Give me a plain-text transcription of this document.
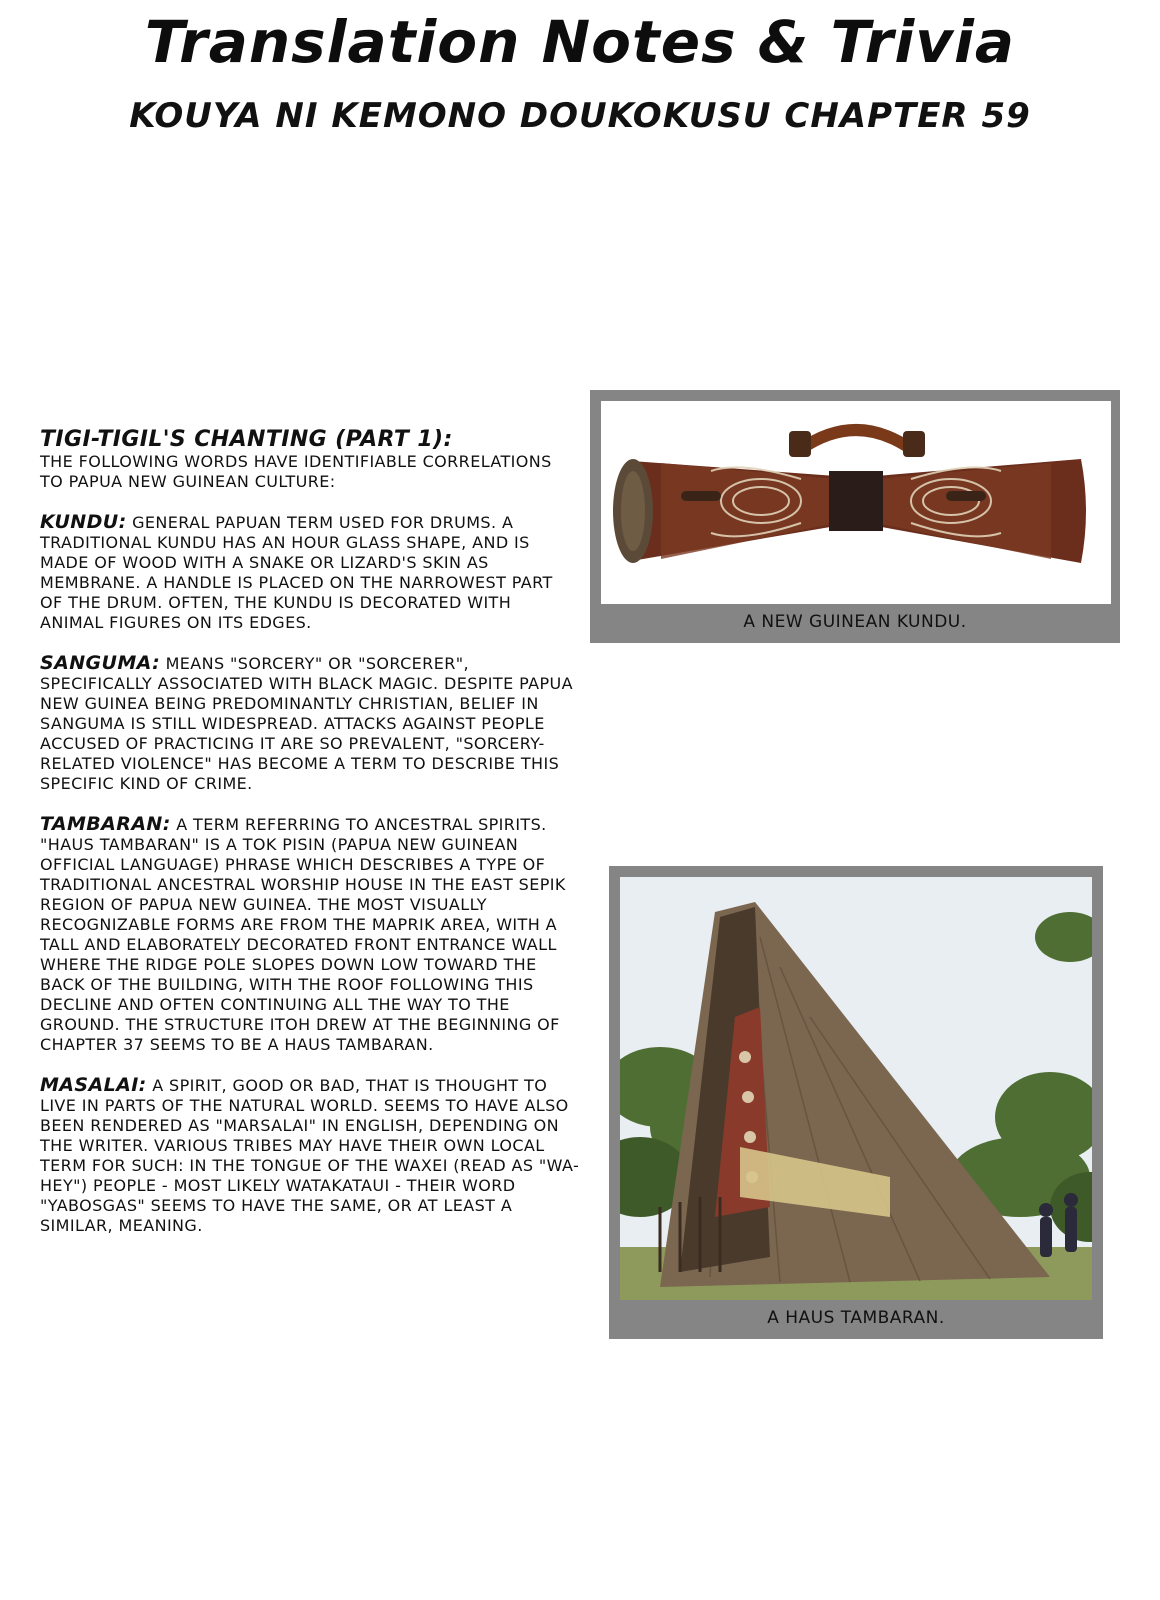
Translation Notes & Trivia
KOUYA NI KEMONO DOUKOKUSU CHAPTER 59
TIGI-TIGIL'S CHANTING (PART 1):

THE FOLLOWING WORDS HAVE IDENTIFIABLE CORRELATIONS TO PAPUA NEW GUINEAN CULTURE:

KUNDU: GENERAL PAPUAN TERM USED FOR DRUMS. A TRADITIONAL KUNDU HAS AN HOUR GLASS SHAPE, AND IS MADE OF WOOD WITH A SNAKE OR LIZARD'S SKIN AS MEMBRANE. A HANDLE IS PLACED ON THE NARROWEST PART OF THE DRUM. OFTEN, THE KUNDU IS DECORATED WITH ANIMAL FIGURES ON ITS EDGES.

SANGUMA: MEANS "SORCERY" OR "SORCERER", SPECIFICALLY ASSOCIATED WITH BLACK MAGIC. DESPITE PAPUA NEW GUINEA BEING PREDOMINANTLY CHRISTIAN, BELIEF IN SANGUMA IS STILL WIDESPREAD. ATTACKS AGAINST PEOPLE ACCUSED OF PRACTICING IT ARE SO PREVALENT, "SORCERY-RELATED VIOLENCE" HAS BECOME A TERM TO DESCRIBE THIS SPECIFIC KIND OF CRIME.

TAMBARAN: A TERM REFERRING TO ANCESTRAL SPIRITS. "HAUS TAMBARAN" IS A TOK PISIN (PAPUA NEW GUINEAN OFFICIAL LANGUAGE) PHRASE WHICH DESCRIBES A TYPE OF TRADITIONAL ANCESTRAL WORSHIP HOUSE IN THE EAST SEPIK REGION OF PAPUA NEW GUINEA. THE MOST VISUALLY RECOGNIZABLE FORMS ARE FROM THE MAPRIK AREA, WITH A TALL AND ELABORATELY DECORATED FRONT ENTRANCE WALL WHERE THE RIDGE POLE SLOPES DOWN LOW TOWARD THE BACK OF THE BUILDING, WITH THE ROOF FOLLOWING THIS DECLINE AND OFTEN CONTINUING ALL THE WAY TO THE GROUND. THE STRUCTURE ITOH DREW AT THE BEGINNING OF CHAPTER 37 SEEMS TO BE A HAUS TAMBARAN.

MASALAI: A SPIRIT, GOOD OR BAD, THAT IS THOUGHT TO LIVE IN PARTS OF THE NATURAL WORLD. SEEMS TO HAVE ALSO BEEN RENDERED AS "MARSALAI" IN ENGLISH, DEPENDING ON THE WRITER. VARIOUS TRIBES MAY HAVE THEIR OWN LOCAL TERM FOR SUCH: IN THE TONGUE OF THE WAXEI (READ AS "WA-HEY") PEOPLE - MOST LIKELY WATAKATAUI - THEIR WORD "YABOSGAS" SEEMS TO HAVE THE SAME, OR AT LEAST A SIMILAR, MEANING.

A NEW GUINEAN KUNDU.
A HAUS TAMBARAN.
